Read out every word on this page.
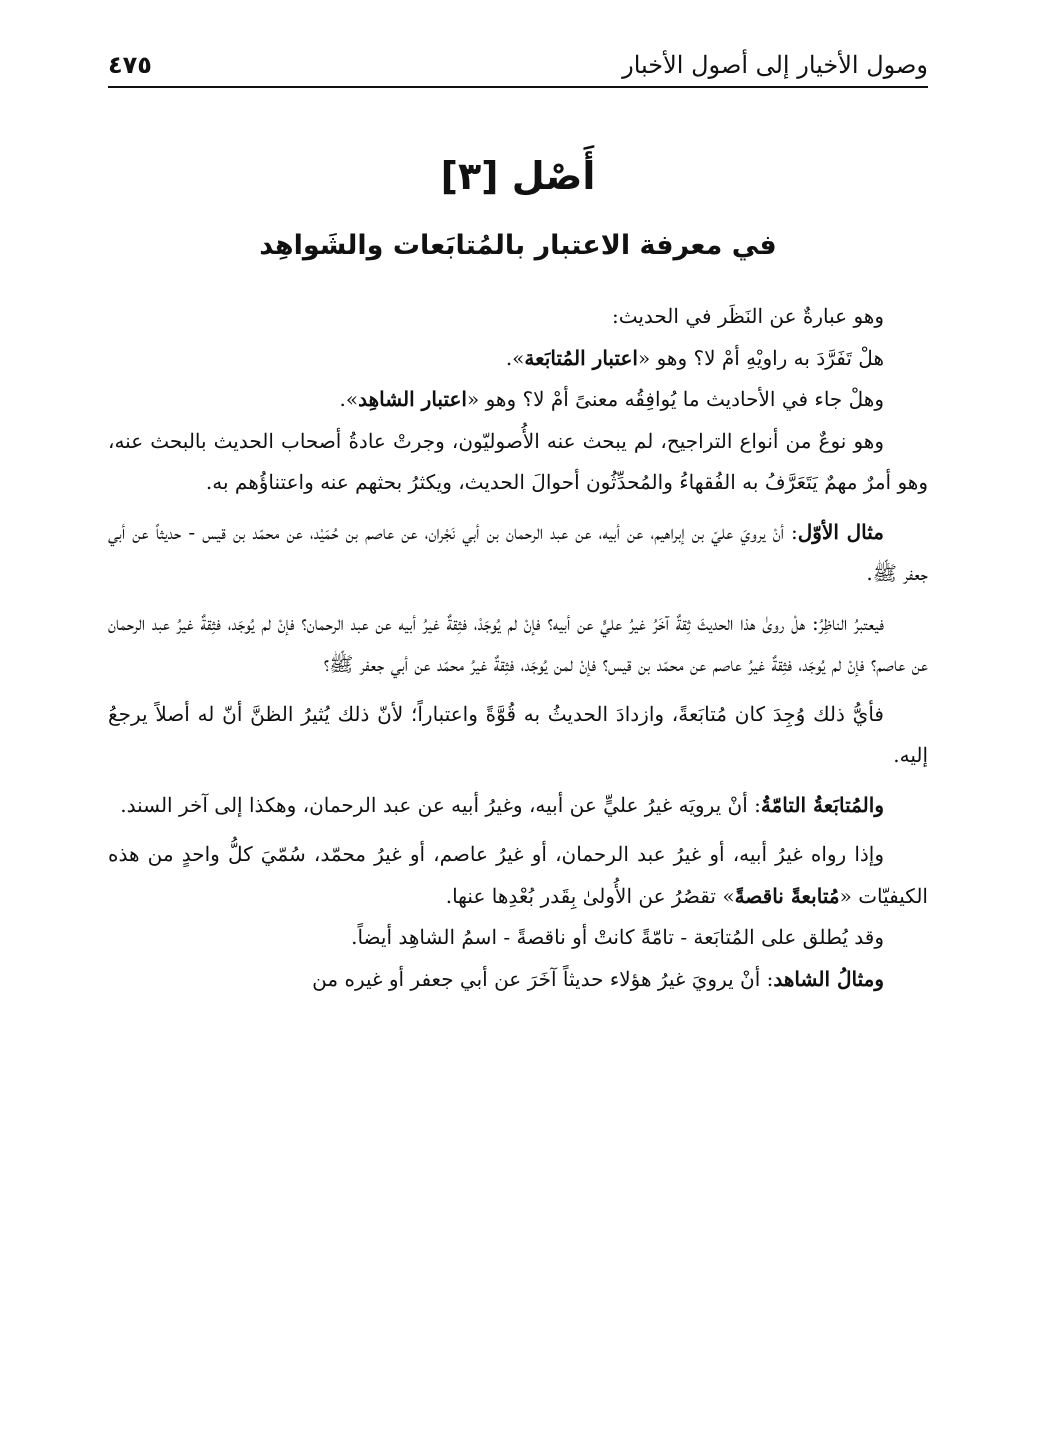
وصول الأخيار إلى أصول الأخبار
٤٧٥
أَصْل [٣]
في معرفة الاعتبار بالمُتابَعات والشَواهِد

وهو عبارةٌ عن النَظَر في الحديث:

هلْ تَفَرَّدَ به راويْهِ أمْ لا؟ وهو «اعتبار المُتابَعة».

وهلْ جاء في الأحاديث ما يُوافِقُه معنىً أمْ لا؟ وهو «اعتبار الشاهِد».

وهو نوعٌ من أنواع التراجيح، لم يبحث عنه الأُصوليّون، وجرتْ عادةُ أصحاب الحديث بالبحث عنه، وهو أمرٌ مهمٌ يَتَعَرَّفُ به الفُقهاءُ والمُحدِّثُون أحوالَ الحديث، ويكثرُ بحثهم عنه واعتناؤُهم به.

مثال الأوّل: أنْ يرويَ عليّ بن إبراهيم، عن أبيه، عن عبد الرحمان بن أبي نَجْران، عن عاصم بن حُمَيْد، عن محمّد بن قيس - حديثاً عن أبي جعفر ﷺ.

فيعتبرُ الناظِرُ: هلْ روىٰ هذا الحديثَ ثِقةٌ آخَرُ غيرُ عليٍّ عن أبيه؟ فإنْ لم يُوجَدْ، فثِقةٌ غيرُ أبيه عن عبد الرحمان؟ فإنْ لم يُوجَد، فثِقةٌ غيرُ عبد الرحمان عن عاصم؟ فإنْ لم يُوجَد، فثِقةٌ غيرُ عاصم عن محمّد بن قيس؟ فإنْ لمن يُوجَد، فثِقةٌ غيرُ محمّد عن أبي جعفر ﷺ؟

فأيُّ ذلك وُجِدَ كان مُتابَعةً، وازدادَ الحديثُ به قُوَّةً واعتباراً؛ لأنّ ذلك يُثيرُ الظنَّ أنّ له أصلاً يرجعُ إليه.

والمُتابَعةُ التامّةُ: أنْ يرويَه غيرُ عليٍّ عن أبيه، وغيرُ أبيه عن عبد الرحمان، وهكذا إلى آخر السند.

وإذا رواه غيرُ أبيه، أو غيرُ عبد الرحمان، أو غيرُ عاصم، أو غيرُ محمّد، سُمّيَ كلُّ واحدٍ من هذه الكيفيّات «مُتابعةً ناقصةً» تقصُرُ عن الأُولىٰ بِقَدر بُعْدِها عنها.

وقد يُطلق على المُتابَعة - تامّةً كانتْ أو ناقصةً - اسمُ الشاهِد أيضاً.

ومثالُ الشاهد: أنْ يرويَ غيرُ هؤلاء حديثاً آخَرَ عن أبي جعفر أو غيره من
